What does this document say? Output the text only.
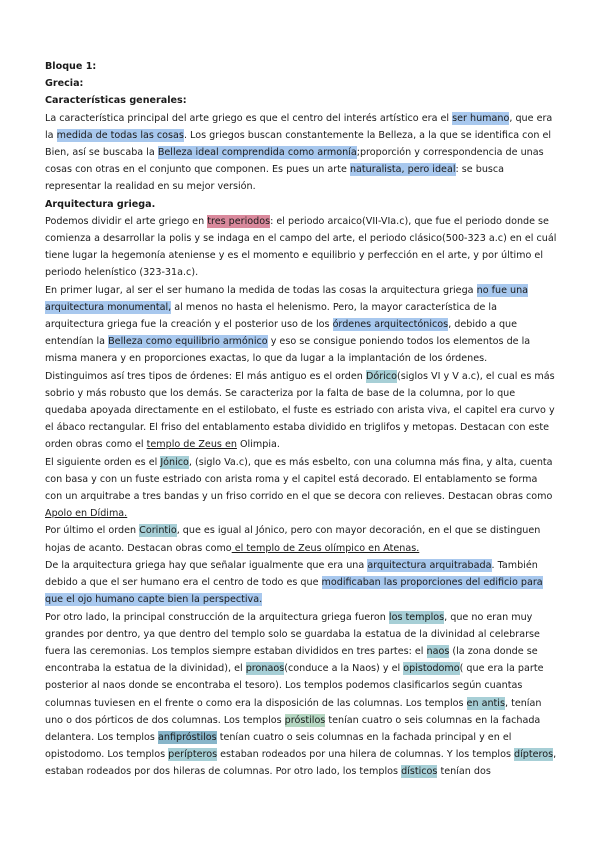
Bloque 1:

Grecia:

Características generales:

La característica principal del arte griego es que el centro del interés artístico era el ser humano, que era la medida de todas las cosas. Los griegos buscan constantemente la Belleza, a la que se identifica con el Bien, así se buscaba la Belleza ideal comprendida como armonía;proporción y correspondencia de unas cosas con otras en el conjunto que componen. Es pues un arte naturalista, pero ideal: se busca representar la realidad en su mejor versión.

Arquitectura griega.

Podemos dividir el arte griego en tres periodos: el periodo arcaico(VII-VIa.c), que fue el periodo donde se comienza a desarrollar la polis y se indaga en el campo del arte, el periodo clásico(500-323 a.c) en el cuál tiene lugar la hegemonía ateniense y es el momento e equilibrio y perfección en el arte, y por último el periodo helenístico (323-31a.c).

En primer lugar, al ser el ser humano la medida de todas las cosas la arquitectura griega no fue una arquitectura monumental, al menos no hasta el helenismo. Pero, la mayor característica de la arquitectura griega fue la creación y el posterior uso de los órdenes arquitectónicos, debido a que entendían la Belleza como equilibrio armónico y eso se consigue poniendo todos los elementos de la misma manera y en proporciones exactas, lo que da lugar a la implantación de los órdenes.

Distinguimos así tres tipos de órdenes: El más antiguo es el orden Dórico(siglos VI y V a.c), el cual es más sobrio y más robusto que los demás. Se caracteriza por la falta de base de la columna, por lo que quedaba apoyada directamente en el estilobato, el fuste es estriado con arista viva, el capitel era curvo y el ábaco rectangular. El friso del entablamento estaba dividido en triglifos y metopas. Destacan con este orden obras como el templo de Zeus en Olimpia.

El siguiente orden es el Jónico, (siglo Va.c), que es más esbelto, con una columna más fina, y alta, cuenta con basa y con un fuste estriado con arista roma y el capitel está decorado. El entablamento se forma con un arquitrabe a tres bandas y un friso corrido en el que se decora con relieves. Destacan obras como Apolo en Dídima.

Por último el orden Corintio, que es igual al Jónico, pero con mayor decoración, en el que se distinguen hojas de acanto. Destacan obras como el templo de Zeus olímpico en Atenas.

De la arquitectura griega hay que señalar igualmente que era una arquitectura arquitrabada. También debido a que el ser humano era el centro de todo es que modificaban las proporciones del edificio para que el ojo humano capte bien la perspectiva.

Por otro lado, la principal construcción de la arquitectura griega fueron los templos, que no eran muy grandes por dentro, ya que dentro del templo solo se guardaba la estatua de la divinidad al celebrarse fuera las ceremonias. Los templos siempre estaban divididos en tres partes: el naos (la zona donde se encontraba la estatua de la divinidad), el pronaos(conduce a la Naos) y el opistodomo( que era la parte posterior al naos donde se encontraba el tesoro). Los templos podemos clasificarlos según cuantas columnas tuviesen en el frente o como era la disposición de las columnas. Los templos en antis, tenían uno o dos pórticos de dos columnas. Los templos próstilos tenían cuatro o seis columnas en la fachada delantera. Los templos anfipróstilos tenían cuatro o seis columnas en la fachada principal y en el opistodomo. Los templos perípteros estaban rodeados por una hilera de columnas. Y los templos dípteros, estaban rodeados por dos hileras de columnas. Por otro lado, los templos dísticos tenían dos
